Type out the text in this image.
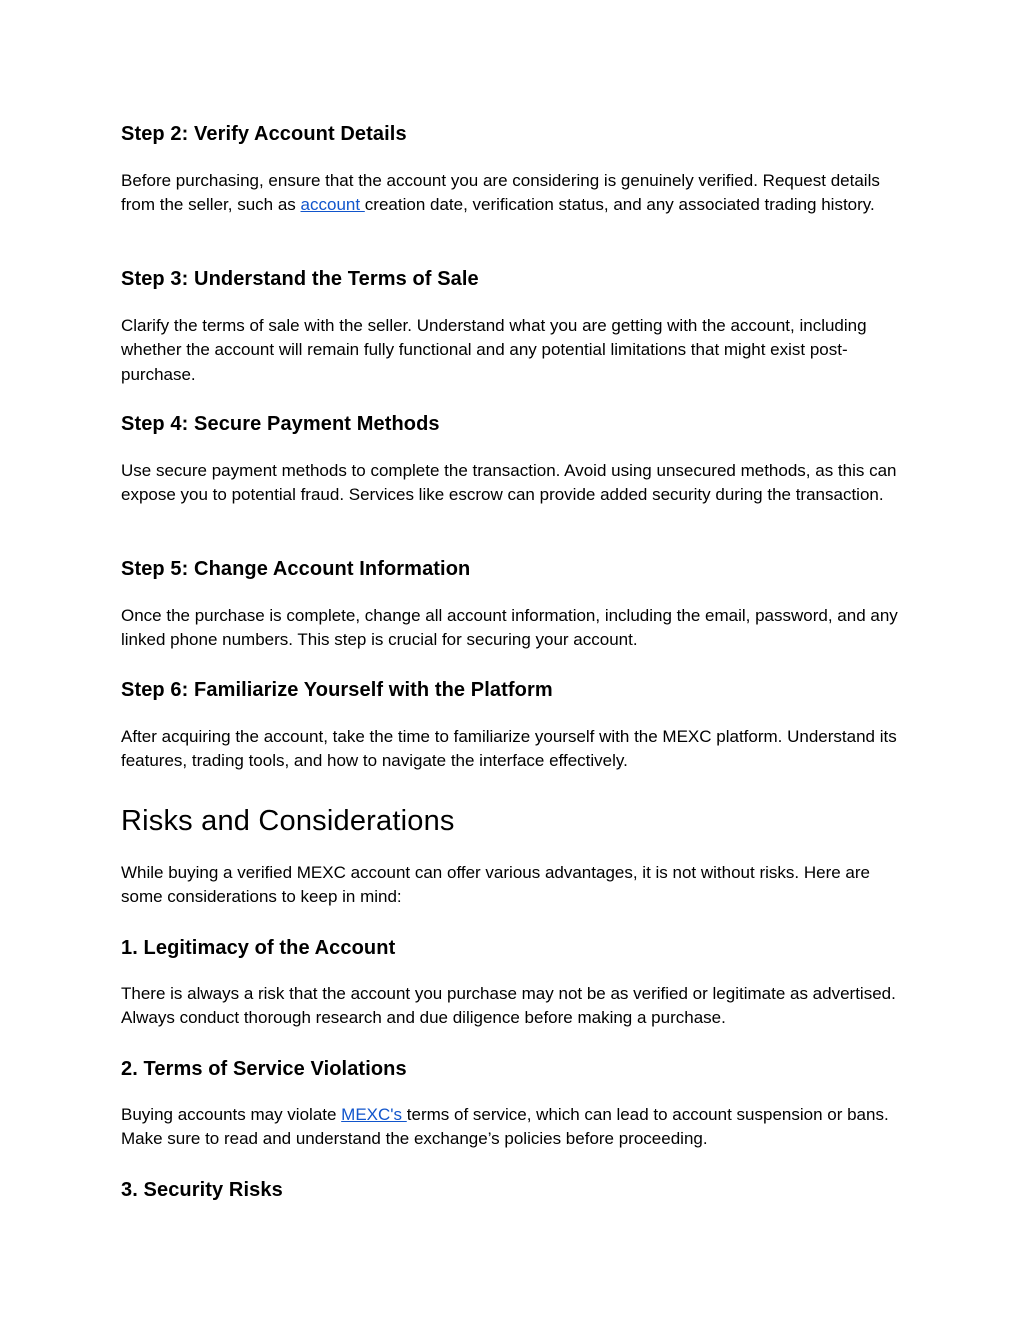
Step 2: Verify Account Details

Before purchasing, ensure that the account you are considering is genuinely verified. Request details from the seller, such as account creation date, verification status, and any associated trading history.

Step 3: Understand the Terms of Sale

Clarify the terms of sale with the seller. Understand what you are getting with the account, including whether the account will remain fully functional and any potential limitations that might exist post-purchase.

Step 4: Secure Payment Methods

Use secure payment methods to complete the transaction. Avoid using unsecured methods, as this can expose you to potential fraud. Services like escrow can provide added security during the transaction.

Step 5: Change Account Information

Once the purchase is complete, change all account information, including the email, password, and any linked phone numbers. This step is crucial for securing your account.

Step 6: Familiarize Yourself with the Platform

After acquiring the account, take the time to familiarize yourself with the MEXC platform. Understand its features, trading tools, and how to navigate the interface effectively.

Risks and Considerations

While buying a verified MEXC account can offer various advantages, it is not without risks. Here are some considerations to keep in mind:

1. Legitimacy of the Account

There is always a risk that the account you purchase may not be as verified or legitimate as advertised. Always conduct thorough research and due diligence before making a purchase.

2. Terms of Service Violations

Buying accounts may violate MEXC's terms of service, which can lead to account suspension or bans. Make sure to read and understand the exchange’s policies before proceeding.

3. Security Risks
